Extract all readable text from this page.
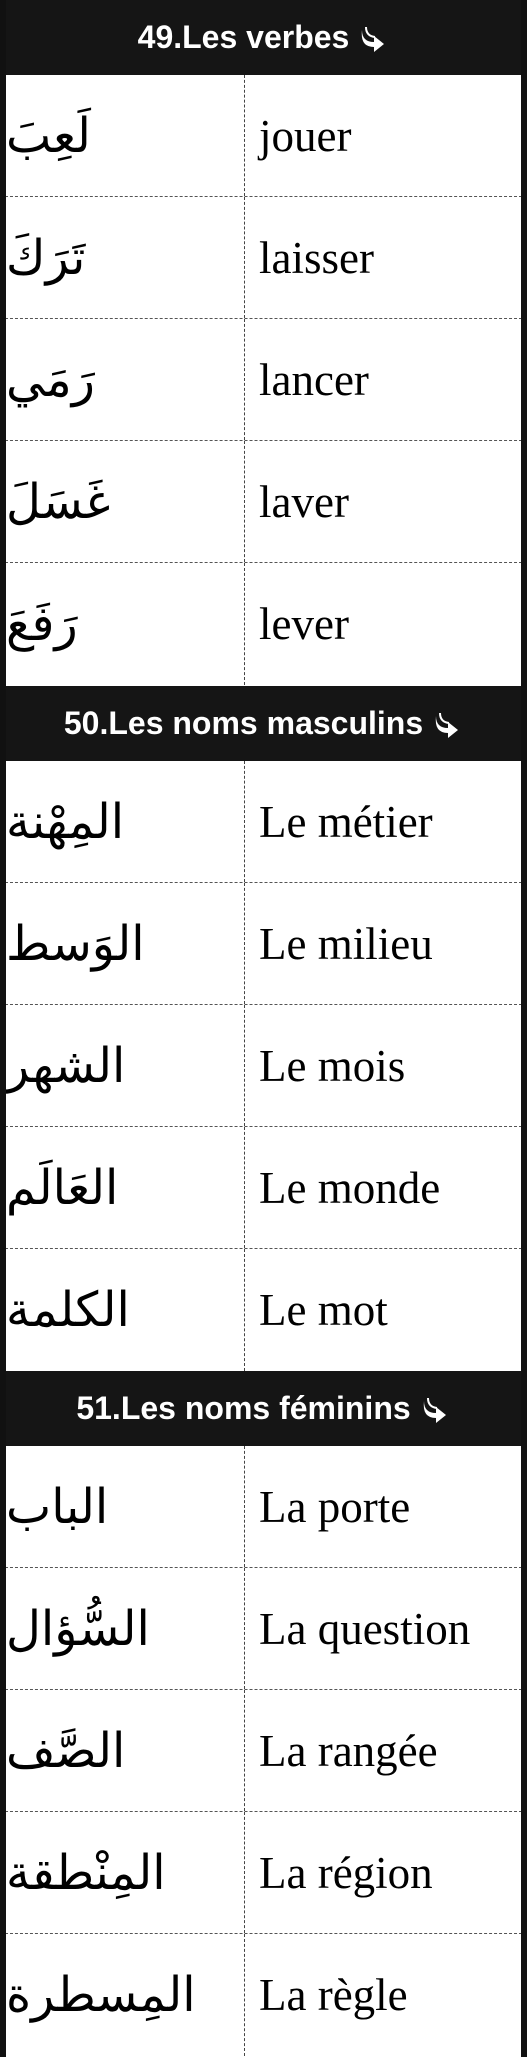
49.Les verbes
لَعِبَ	jouer
تَرَكَ	laisser
رَمَي	lancer
غَسَلَ	laver
رَفَعَ	lever
50.Les noms masculins
المِهْنة	Le métier
الوَسط	Le milieu
الشهر	Le mois
العَالَم	Le monde
الكلمة	Le mot
51.Les noms féminins
الباب	La porte
السُّؤال	La question
الصَّف	La rangée
المِنْطقة	La région
المِسطرة	La règle
